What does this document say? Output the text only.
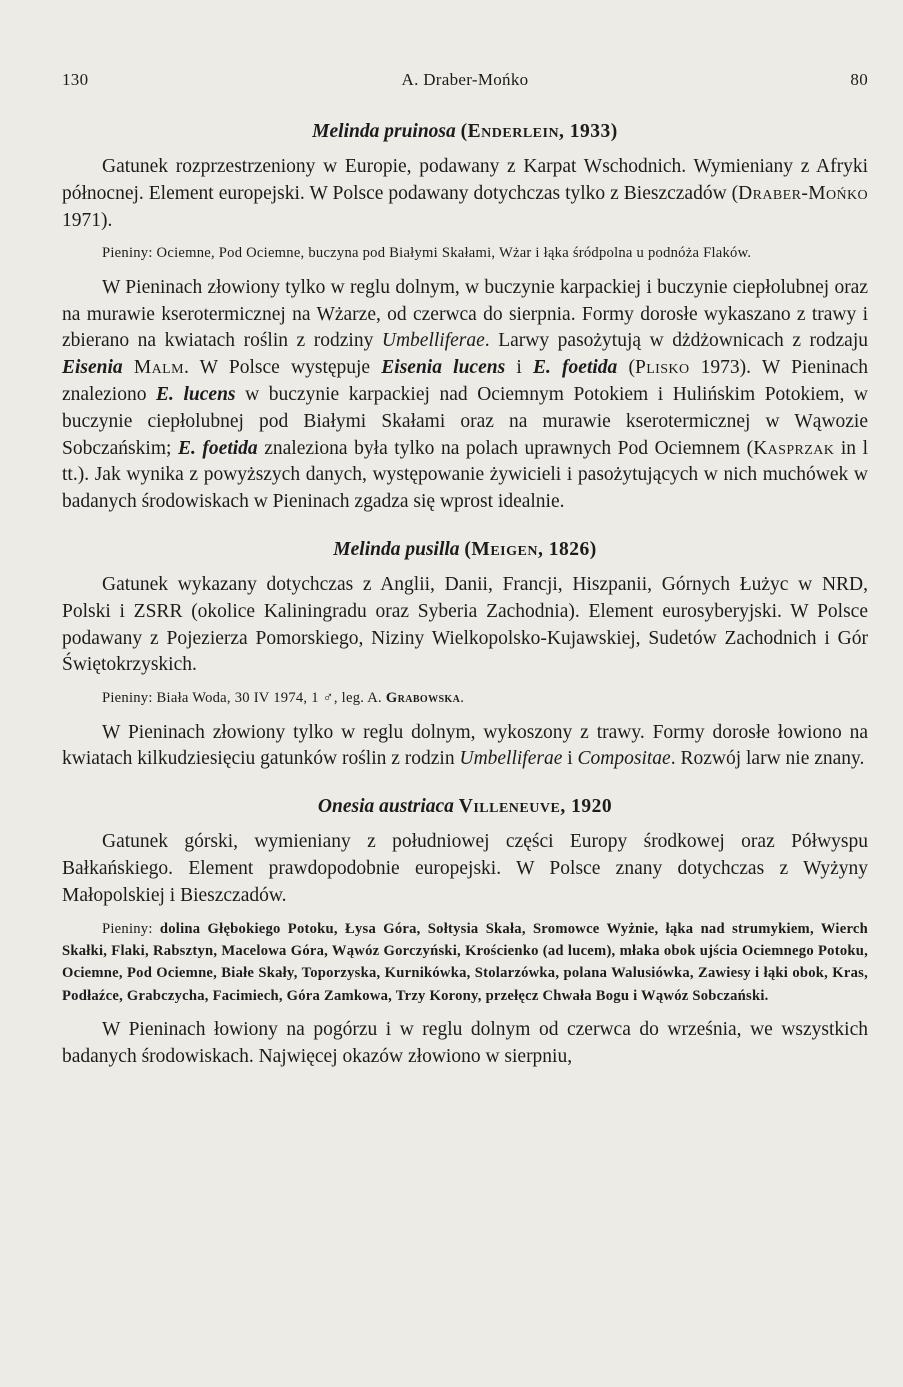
130	A. Draber-Mońko	80
Melinda pruinosa (Enderlein, 1933)

Gatunek rozprzestrzeniony w Europie, podawany z Karpat Wschodnich. Wymieniany z Afryki północnej. Element europejski. W Polsce podawany dotychczas tylko z Bieszczadów (Draber-Mońko 1971).

Pieniny: Ociemne, Pod Ociemne, buczyna pod Białymi Skałami, Wżar i łąka śródpolna u podnóża Flaków.

W Pieninach złowiony tylko w reglu dolnym, w buczynie karpackiej i buczynie ciepłolubnej oraz na murawie kserotermicznej na Wżarze, od czerwca do sierpnia. Formy dorosłe wykaszano z trawy i zbierano na kwiatach roślin z rodziny Umbelliferae. Larwy pasożytują w dżdżownicach z rodzaju Eisenia Malm. W Polsce występuje Eisenia lucens i E. foetida (Plisko 1973). W Pieninach znaleziono E. lucens w buczynie karpackiej nad Ociemnym Potokiem i Hulińskim Potokiem, w buczynie ciepłolubnej pod Białymi Skałami oraz na murawie kserotermicznej w Wąwozie Sobczańskim; E. foetida znaleziona była tylko na polach uprawnych Pod Ociemnem (Kasprzak in l tt.). Jak wynika z powyższych danych, występowanie żywicieli i pasożytujących w nich muchówek w badanych środowiskach w Pieninach zgadza się wprost idealnie.

Melinda pusilla (Meigen, 1826)

Gatunek wykazany dotychczas z Anglii, Danii, Francji, Hiszpanii, Górnych Łużyc w NRD, Polski i ZSRR (okolice Kaliningradu oraz Syberia Zachodnia). Element eurosyberyjski. W Polsce podawany z Pojezierza Pomorskiego, Niziny Wielkopolsko-Kujawskiej, Sudetów Zachodnich i Gór Świętokrzyskich.

Pieniny: Biała Woda, 30 IV 1974, 1 ♂, leg. A. Grabowska.

W Pieninach złowiony tylko w reglu dolnym, wykoszony z trawy. Formy dorosłe łowiono na kwiatach kilkudziesięciu gatunków roślin z rodzin Umbelliferae i Compositae. Rozwój larw nie znany.

Onesia austriaca Villeneuve, 1920

Gatunek górski, wymieniany z południowej części Europy środkowej oraz Półwyspu Bałkańskiego. Element prawdopodobnie europejski. W Polsce znany dotychczas z Wyżyny Małopolskiej i Bieszczadów.

Pieniny: dolina Głębokiego Potoku, Łysa Góra, Sołtysia Skała, Sromowce Wyżnie, łąka nad strumykiem, Wierch Skałki, Flaki, Rabsztyn, Macelowa Góra, Wąwóz Gorczyński, Krościenko (ad lucem), młaka obok ujścia Ociemnego Potoku, Ociemne, Pod Ociemne, Białe Skały, Toporzyska, Kurnikówka, Stolarzówka, polana Walusiówka, Zawiesy i łąki obok, Kras, Podłaźce, Grabczycha, Facimiech, Góra Zamkowa, Trzy Korony, przełęcz Chwała Bogu i Wąwóz Sobczański.

W Pieninach łowiony na pogórzu i w reglu dolnym od czerwca do września, we wszystkich badanych środowiskach. Najwięcej okazów złowiono w sierpniu,
